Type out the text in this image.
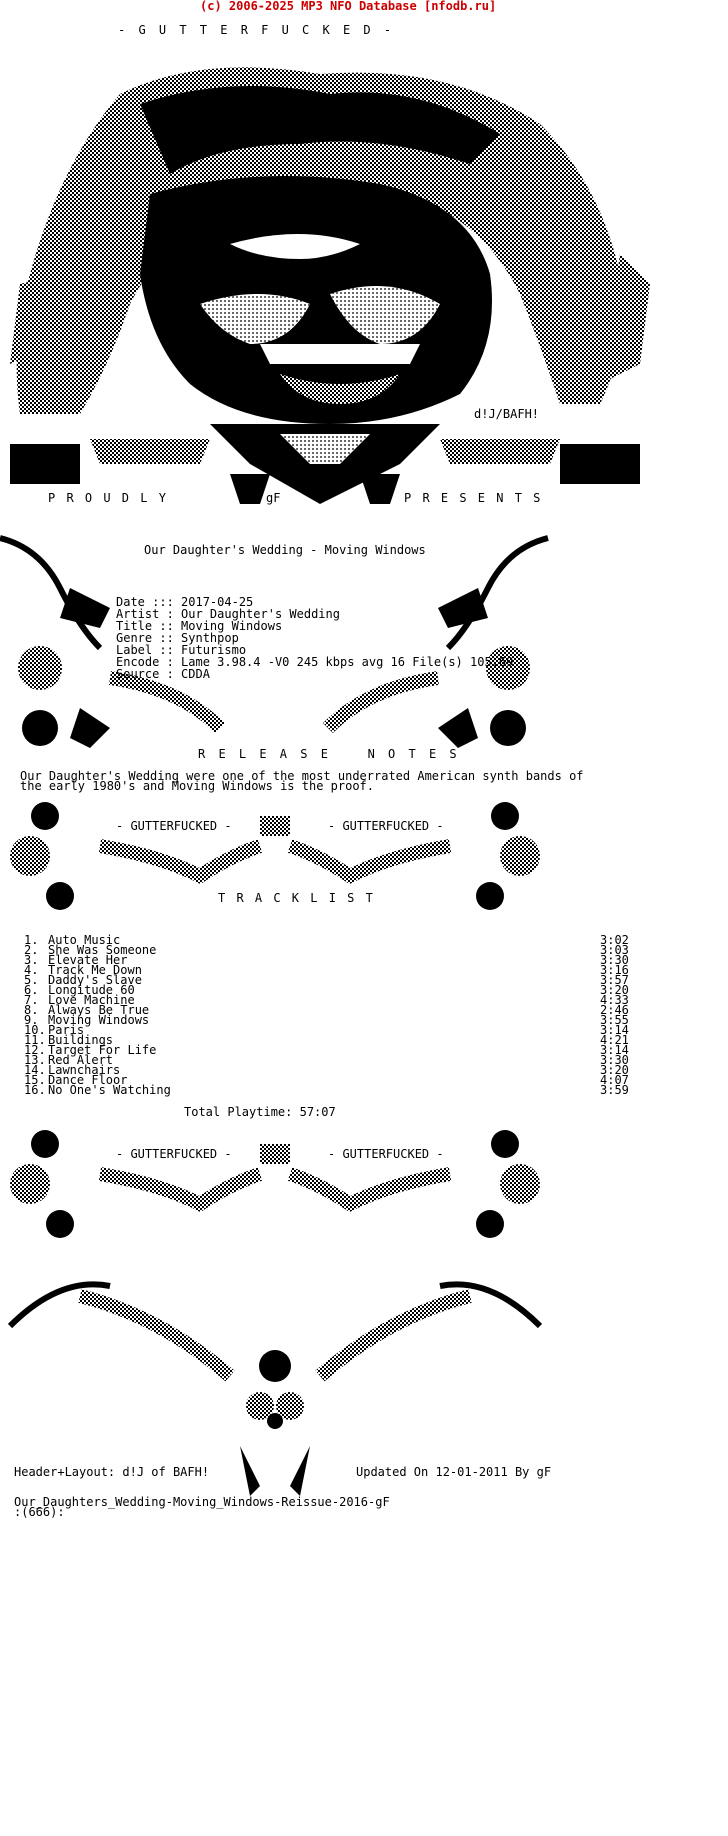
(c) 2006-2025 MP3 NFO Database [nfodb.ru]
- G U T T E R F U C K E D -
d!J/BAFH!
P R O U D L Y	gF	P R E S E N T S
Our Daughter's Wedding - Moving Windows
Date ::: 2017-04-25
Artist : Our Daughter's Wedding
Title :: Moving Windows
Genre :: Synthpop
Label :: Futurismo
Encode : Lame 3.98.4 -V0 245 kbps avg 16 File(s) 105.69
Source : CDDA
R E L E A S E   N O T E S
Our Daughter's Wedding were one of the most underrated American synth bands of
the early 1980's and Moving Windows is the proof.
- GUTTERFUCKED -	- GUTTERFUCKED -
T R A C K L I S T
1. Auto Music	3:02
2. She Was Someone	3:03
3. Elevate Her	3:30
4. Track Me Down	3:16
5. Daddy's Slave	3:57
6. Longitude 60	3:20
7. Love Machine	4:33
8. Always Be True	2:46
9. Moving Windows	3:55
10. Paris	3:14
11. Buildings	4:21
12. Target For Life	3:14
13. Red Alert	3:30
14. Lawnchairs	3:20
15. Dance Floor	4:07
16. No One's Watching	3:59
Total Playtime: 57:07
- GUTTERFUCKED -	- GUTTERFUCKED -
Header+Layout: d!J of BAFH!	Updated On 12-01-2011 By gF
Our_Daughters_Wedding-Moving_Windows-Reissue-2016-gF
:(666):
